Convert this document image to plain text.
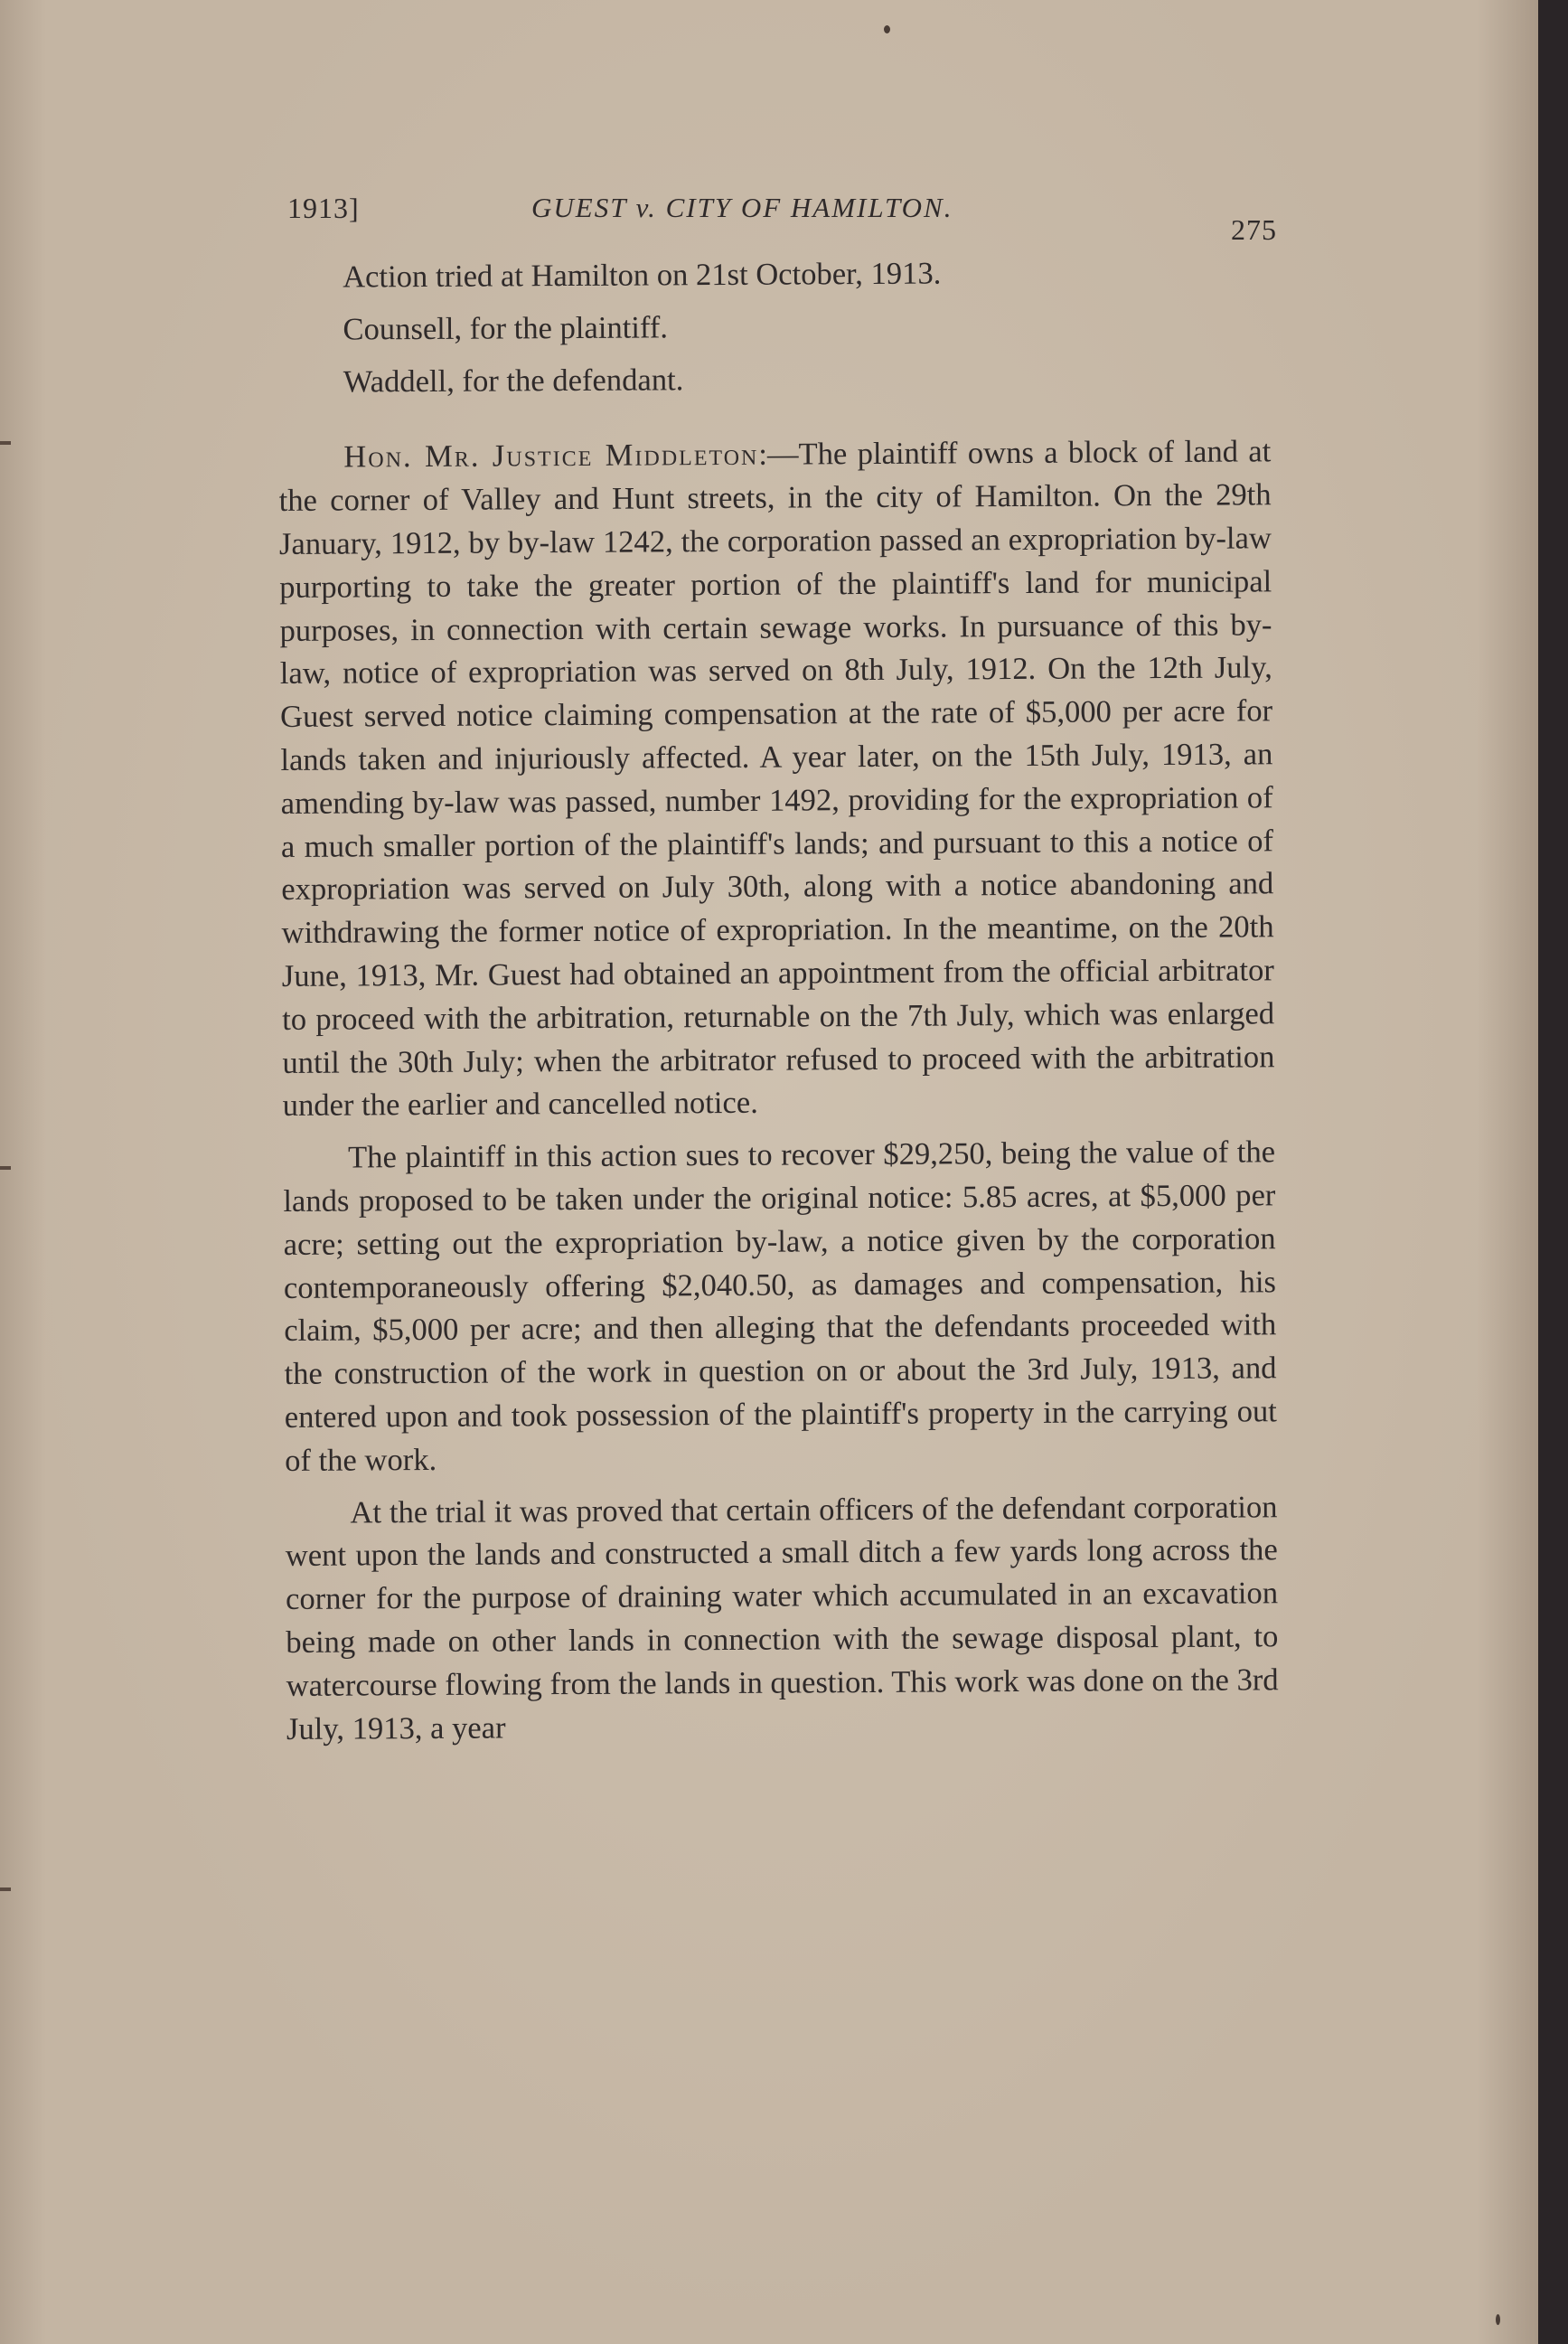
1913]	GUEST v. CITY OF HAMILTON.
275

Action tried at Hamilton on 21st October, 1913.

Counsell, for the plaintiff.

Waddell, for the defendant.

Hon. Mr. Justice Middleton:—The plaintiff owns a block of land at the corner of Valley and Hunt streets, in the city of Hamilton. On the 29th January, 1912, by by-law 1242, the corporation passed an expropriation by-law purporting to take the greater portion of the plaintiff's land for municipal purposes, in connection with certain sewage works. In pursuance of this by-law, notice of expropriation was served on 8th July, 1912. On the 12th July, Guest served notice claiming compensation at the rate of $5,000 per acre for lands taken and injuriously affected. A year later, on the 15th July, 1913, an amending by-law was passed, number 1492, providing for the expropriation of a much smaller portion of the plaintiff's lands; and pursuant to this a notice of expropriation was served on July 30th, along with a notice abandoning and withdrawing the former notice of expropriation. In the meantime, on the 20th June, 1913, Mr. Guest had obtained an appointment from the official arbitrator to proceed with the arbitration, returnable on the 7th July, which was enlarged until the 30th July; when the arbitrator refused to proceed with the arbitration under the earlier and cancelled notice.

The plaintiff in this action sues to recover $29,250, being the value of the lands proposed to be taken under the original notice: 5.85 acres, at $5,000 per acre; setting out the expropriation by-law, a notice given by the corporation contemporaneously offering $2,040.50, as damages and compensation, his claim, $5,000 per acre; and then alleging that the defendants proceeded with the construction of the work in question on or about the 3rd July, 1913, and entered upon and took possession of the plaintiff's property in the carrying out of the work.

At the trial it was proved that certain officers of the defendant corporation went upon the lands and constructed a small ditch a few yards long across the corner for the purpose of draining water which accumulated in an excavation being made on other lands in connection with the sewage disposal plant, to watercourse flowing from the lands in question. This work was done on the 3rd July, 1913, a year
